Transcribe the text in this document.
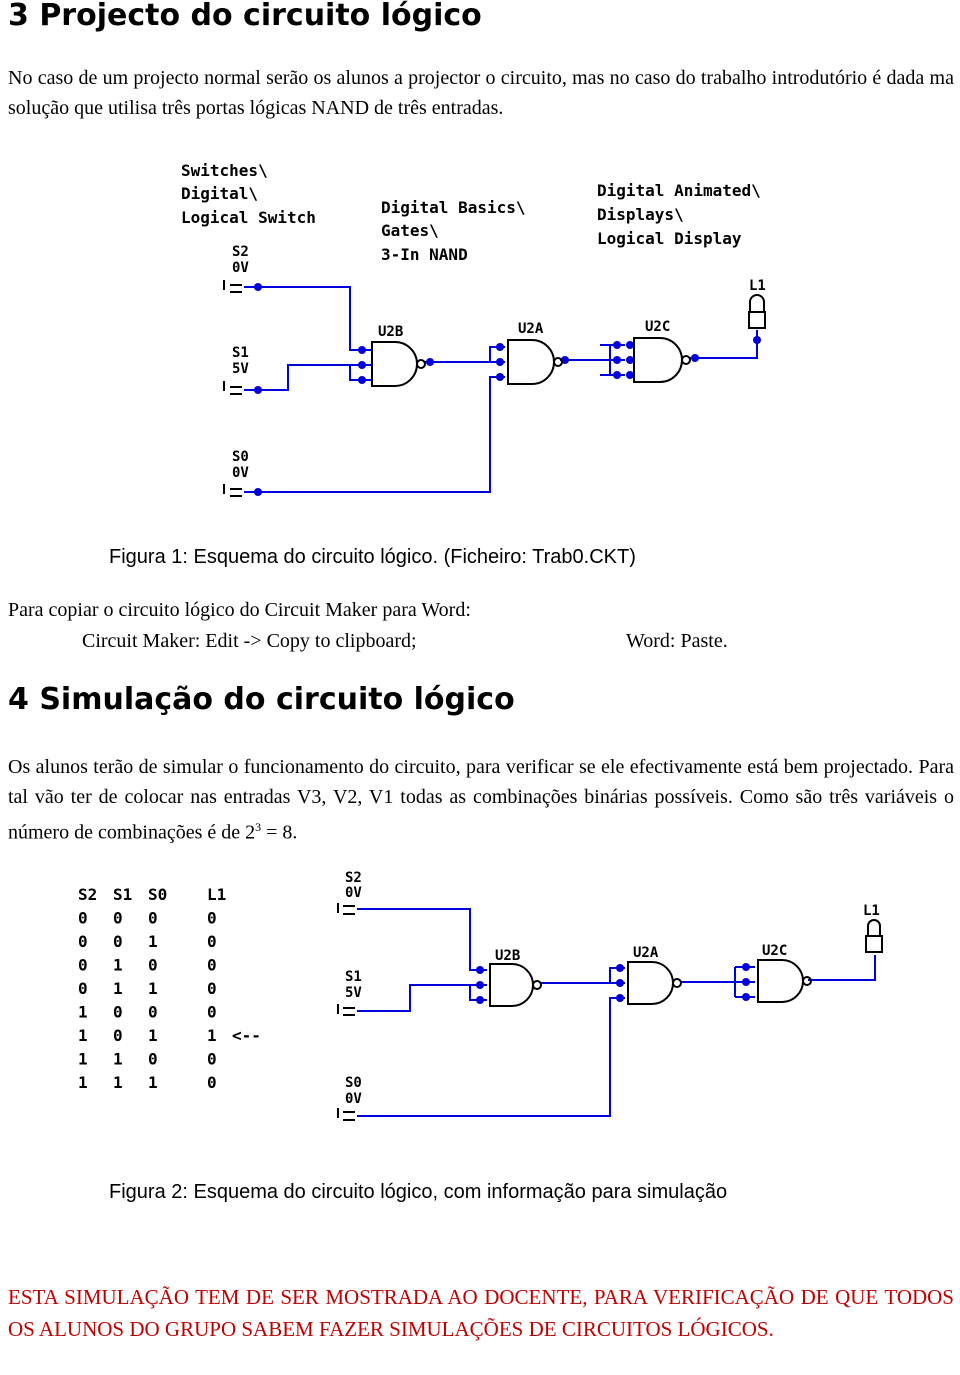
3 Projecto do circuito lógico
No caso de um projecto normal serão os alunos a projector o circuito, mas no caso do trabalho introdutório é dada ma solução que utilisa três portas lógicas NAND de três entradas.
Switches\
Digital\
Logical Switch
Digital Basics\
Gates\
3-In NAND
Digital Animated\
Displays\
Logical Display
S2
0V
S1
5V
S0
0V
U2B	U2A	U2C
L1
Figura 1: Esquema do circuito lógico. (Ficheiro: Trab0.CKT)
Para copiar o circuito lógico do Circuit Maker para Word:
Circuit Maker: Edit -> Copy to clipboard;	Word: Paste.
4 Simulação do circuito lógico
Os alunos terão de simular o funcionamento do circuito, para verificar se ele efectivamente está bem projectado. Para tal vão ter de colocar nas entradas V3, V2, V1 todas as combinações binárias possíveis. Como são três variáveis o número de combinações é de $2^3 = 8$.
S2 S1 S0 L1
0 0 0	0
0 0 1	0
0 1 0	0
0 1 1	0
1 0 0	0
1 0 1	1 <--
1 1 0	0
1 1 1	0
S2
0V
S1
5V
S0
0V
U2B	U2A	U2C
L1
Figura 2: Esquema do circuito lógico, com informação para simulação
ESTA SIMULAÇÃO TEM DE SER MOSTRADA AO DOCENTE, PARA VERIFICAÇÃO DE QUE TODOS OS ALUNOS DO GRUPO SABEM FAZER SIMULAÇÕES DE CIRCUITOS LÓGICOS.
